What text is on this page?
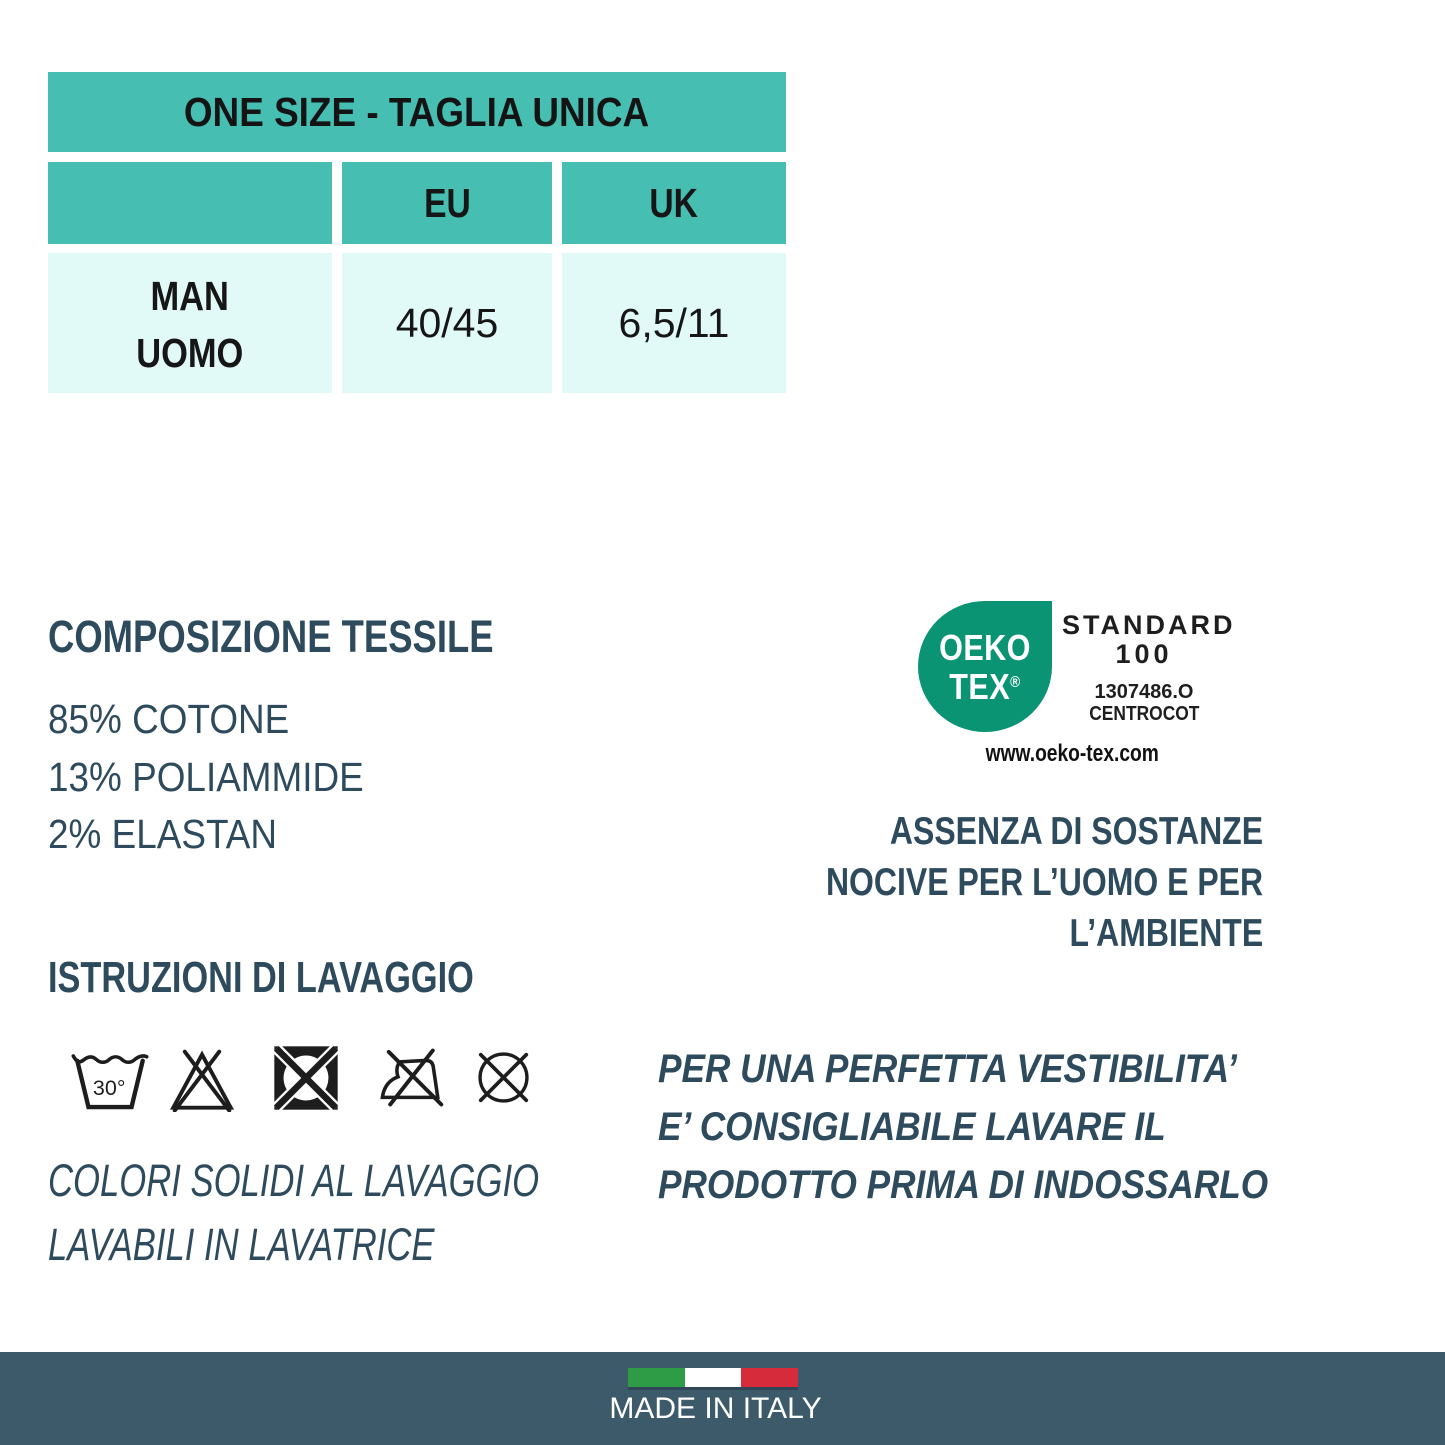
ONE SIZE - TAGLIA UNICA
EU	UK
MAN
UOMO
40/45	6,5/11
COMPOSIZIONE TESSILE
85% COTONE
13% POLIAMMIDE
2% ELASTAN
ISTRUZIONI DI LAVAGGIO
30°
COLORI SOLIDI AL LAVAGGIO
LAVABILI IN LAVATRICE
OEKO
TEX®
STANDARD
100
1307486.O
CENTROCOT
www.oeko-tex.com
ASSENZA DI SOSTANZE
NOCIVE PER L’UOMO E PER
L’AMBIENTE
PER UNA PERFETTA VESTIBILITA’
E’ CONSIGLIABILE LAVARE IL
PRODOTTO PRIMA DI INDOSSARLO
MADE IN ITALY
